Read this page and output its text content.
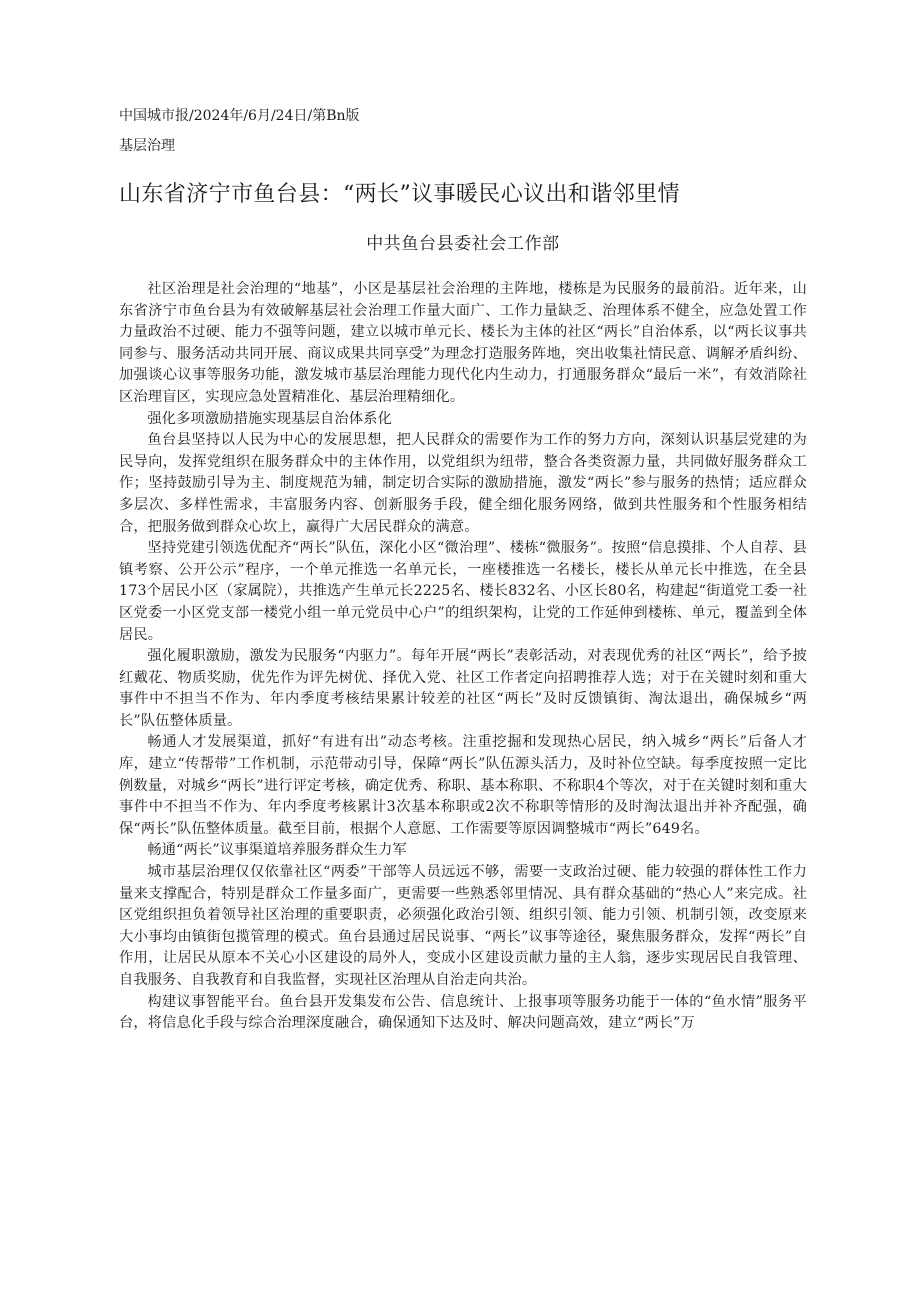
中国城市报/2024年/6月/24日/第Bn版

基层治理

山东省济宁市鱼台县：“两长”议事暖民心议出和谐邻里情

中共鱼台县委社会工作部

社区治理是社会治理的“地基”，小区是基层社会治理的主阵地，楼栋是为民服务的最前沿。近年来，山东省济宁市鱼台县为有效破解基层社会治理工作量大面广、工作力量缺乏、治理体系不健全，应急处置工作力量政治不过硬、能力不强等问题，建立以城市单元长、楼长为主体的社区“两长”自治体系，以“两长议事共同参与、服务活动共同开展、商议成果共同享受”为理念打造服务阵地，突出收集社情民意、调解矛盾纠纷、加强谈心议事等服务功能，激发城市基层治理能力现代化内生动力，打通服务群众“最后一米”，有效消除社区治理盲区，实现应急处置精准化、基层治理精细化。

强化多项激励措施实现基层自治体系化

鱼台县坚持以人民为中心的发展思想，把人民群众的需要作为工作的努力方向，深刻认识基层党建的为民导向，发挥党组织在服务群众中的主体作用，以党组织为纽带，整合各类资源力量，共同做好服务群众工作；坚持鼓励引导为主、制度规范为辅，制定切合实际的激励措施，激发“两长”参与服务的热情；适应群众多层次、多样性需求，丰富服务内容、创新服务手段，健全细化服务网络，做到共性服务和个性服务相结合，把服务做到群众心坎上，赢得广大居民群众的满意。

坚持党建引领选优配齐“两长”队伍，深化小区“微治理”、楼栋“微服务”。按照“信息摸排、个人自荐、县镇考察、公开公示”程序，一个单元推选一名单元长，一座楼推选一名楼长，楼长从单元长中推选，在全县173个居民小区（家属院），共推选产生单元长2225名、楼长832名、小区长80名，构建起“街道党工委一社区党委一小区党支部一楼党小组一单元党员中心户”的组织架构，让党的工作延伸到楼栋、单元，覆盖到全体居民。

强化履职激励，激发为民服务“内驱力”。每年开展“两长”表彰活动，对表现优秀的社区“两长”，给予披红戴花、物质奖励，优先作为评先树优、择优入党、社区工作者定向招聘推荐人选；对于在关键时刻和重大事件中不担当不作为、年内季度考核结果累计较差的社区“两长”及时反馈镇街、淘汰退出，确保城乡“两长”队伍整体质量。

畅通人才发展渠道，抓好“有进有出”动态考核。注重挖掘和发现热心居民，纳入城乡“两长”后备人才库，建立“传帮带”工作机制，示范带动引导，保障“两长”队伍源头活力，及时补位空缺。每季度按照一定比例数量，对城乡“两长”进行评定考核，确定优秀、称职、基本称职、不称职4个等次，对于在关键时刻和重大事件中不担当不作为、年内季度考核累计3次基本称职或2次不称职等情形的及时淘汰退出并补齐配强，确保“两长”队伍整体质量。截至目前，根据个人意愿、工作需要等原因调整城市“两长”649名。

畅通“两长”议事渠道培养服务群众生力军

城市基层治理仅仅依靠社区“两委”干部等人员远远不够，需要一支政治过硬、能力较强的群体性工作力量来支撑配合，特别是群众工作量多面广，更需要一些熟悉邻里情况、具有群众基础的“热心人”来完成。社区党组织担负着领导社区治理的重要职责，必须强化政治引领、组织引领、能力引领、机制引领，改变原来大小事均由镇街包揽管理的模式。鱼台县通过居民说事、“两长”议事等途径，聚焦服务群众，发挥“两长”自作用，让居民从原本不关心小区建设的局外人，变成小区建设贡献力量的主人翁，逐步实现居民自我管理、自我服务、自我教育和自我监督，实现社区治理从自治走向共治。

构建议事智能平台。鱼台县开发集发布公告、信息统计、上报事项等服务功能于一体的“鱼水情”服务平台，将信息化手段与综合治理深度融合，确保通知下达及时、解决问题高效，建立“两长”万
